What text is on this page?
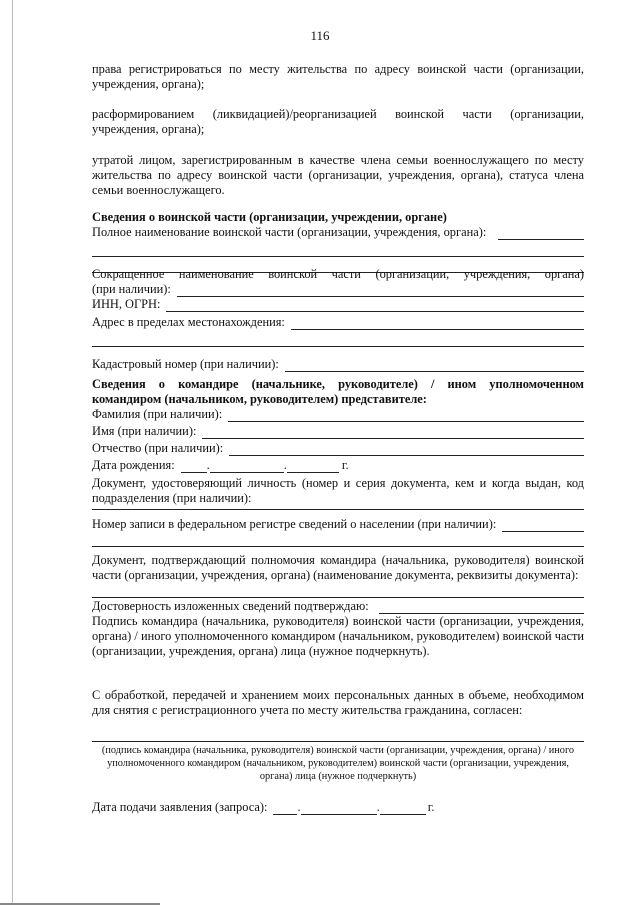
116

права регистрироваться по месту жительства по адресу воинской части (организации, учреждения, органа);

расформированием (ликвидацией)/реорганизацией воинской части (организации, учреждения, органа);

утратой лицом, зарегистрированным в качестве члена семьи военнослужащего по месту жительства по адресу воинской части (организации, учреждения, органа), статуса члена семьи военнослужащего.

Сведения о воинской части (организации, учреждении, органе)

Полное наименование воинской части (организации, учреждения, органа):

Сокращенное наименование воинской части (организации, учреждения, органа)

(при наличии):
ИНН, ОГРН:
Адрес в пределах местонахождения:
Кадастровый номер (при наличии):

Сведения о командире (начальнике, руководителе) / ином уполномоченном командиром (начальником, руководителем) представителе:

Фамилия (при наличии):
Имя (при наличии):
Отчество (при наличии):
Дата рождения:	.	.	г.

Документ, удостоверяющий личность (номер и серия документа, кем и когда выдан, код подразделения (при наличии):

Номер записи в федеральном регистре сведений о населении (при наличии):

Документ, подтверждающий полномочия командира (начальника, руководителя) воинской части (организации, учреждения, органа) (наименование документа, реквизиты документа):

Достоверность изложенных сведений подтверждаю:

Подпись командира (начальника, руководителя) воинской части (организации, учреждения, органа) / иного уполномоченного командиром (начальником, руководителем) воинской части (организации, учреждения, органа) лица (нужное подчеркнуть).

С обработкой, передачей и хранением моих персональных данных в объеме, необходимом для снятия с регистрационного учета по месту жительства гражданина, согласен:

(подпись командира (начальника, руководителя) воинской части (организации, учреждения, органа) / иного уполномоченного командиром (начальником, руководителем) воинской части (организации, учреждения, органа) лица (нужное подчеркнуть)
Дата подачи заявления (запроса): .	.	г.
